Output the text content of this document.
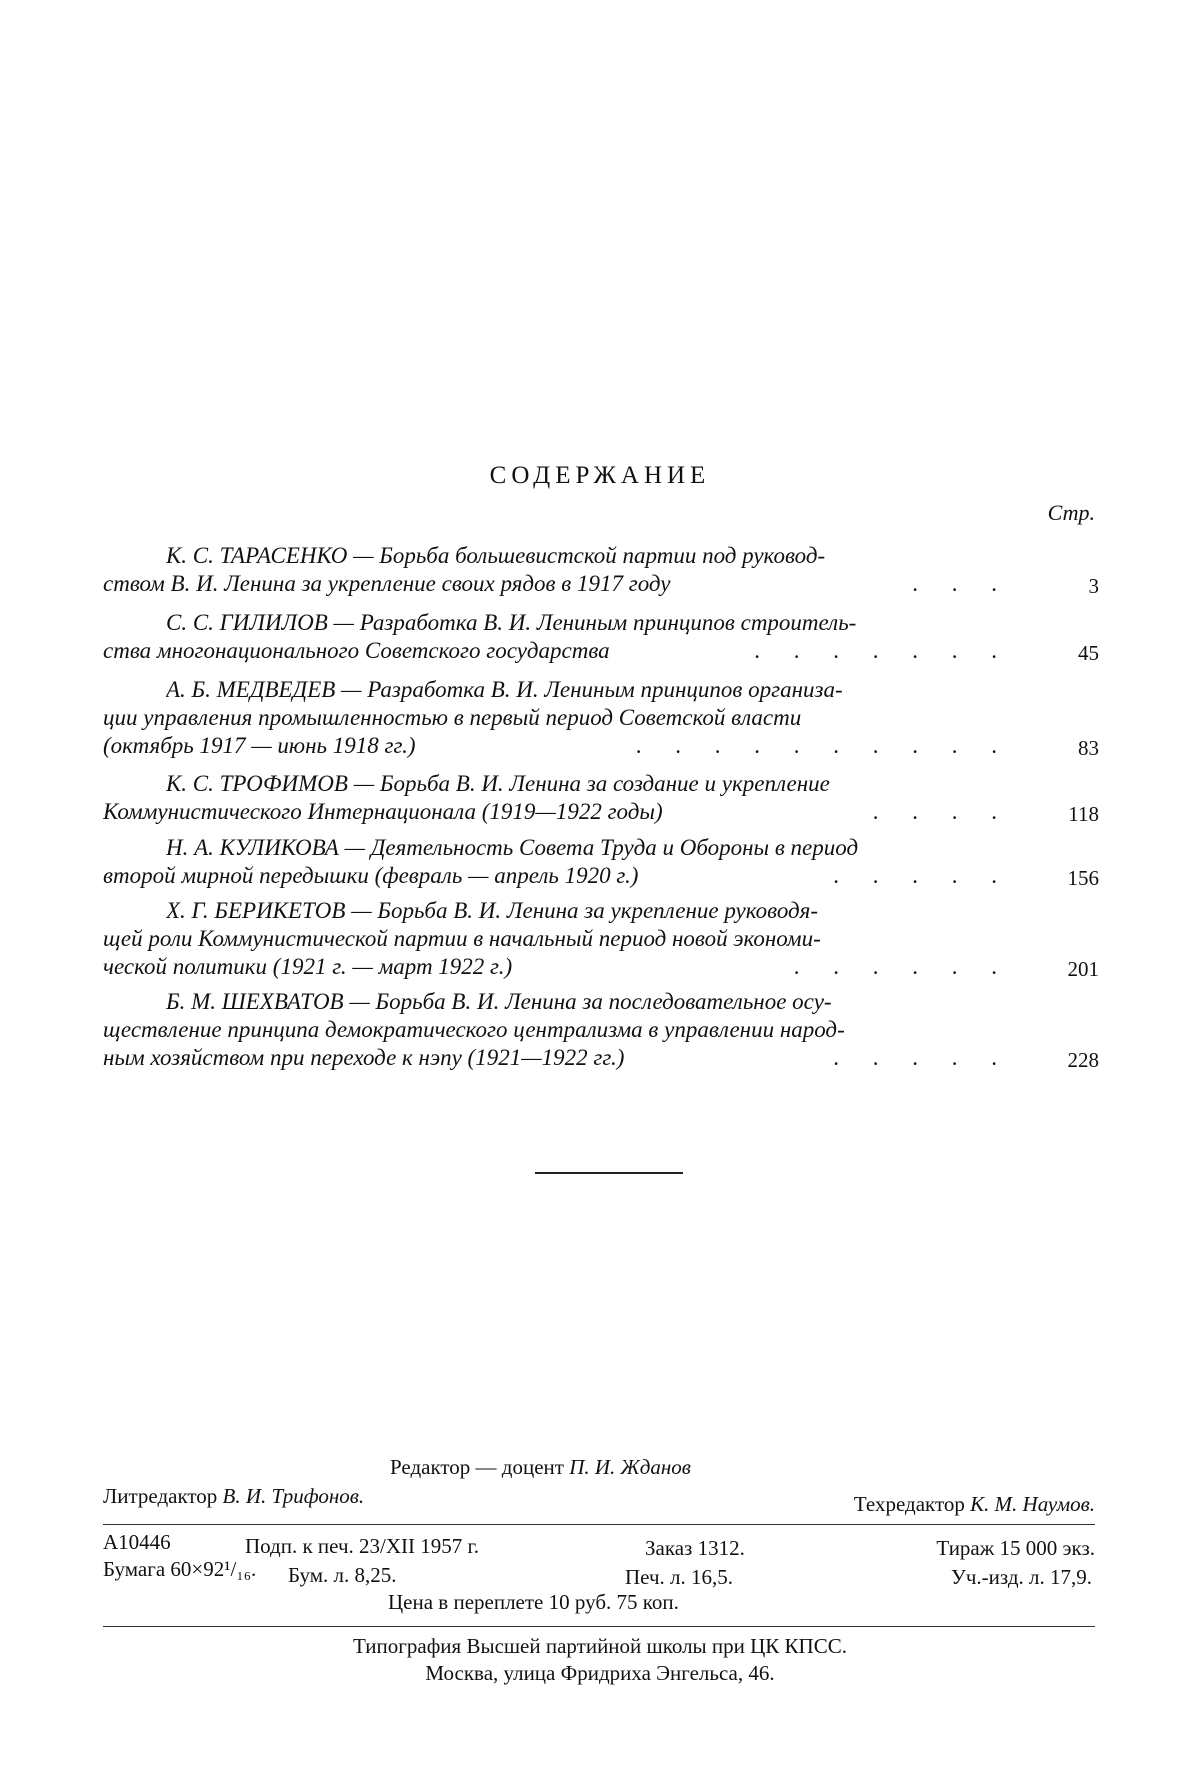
СОДЕРЖАНИЕ
Стр.
К. С. ТАРАСЕНКО — Борьба большевистской партии под руковод-
ством В. И. Ленина за укрепление своих рядов в 1917 году	. . .	3
С. С. ГИЛИЛОВ — Разработка В. И. Лениным принципов строитель-
ства многонационального Советского государства	. . . . . . .	45
А. Б. МЕДВЕДЕВ — Разработка В. И. Лениным принципов организа-
ции управления промышленностью в первый период Советской власти
(октябрь 1917 — июнь 1918 гг.)	. . . . . . . . . .	83
К. С. ТРОФИМОВ — Борьба В. И. Ленина за создание и укрепление
Коммунистического Интернационала (1919—1922 годы)	. . . .	118
Н. А. КУЛИКОВА — Деятельность Совета Труда и Обороны в период
второй мирной передышки (февраль — апрель 1920 г.)	. . . . .	156
Х. Г. БЕРИКЕТОВ — Борьба В. И. Ленина за укрепление руководя-
щей роли Коммунистической партии в начальный период новой экономи-
ческой политики (1921 г. — март 1922 г.)	. . . . . .	201
Б. М. ШЕХВАТОВ — Борьба В. И. Ленина за последовательное осу-
ществление принципа демократического централизма в управлении народ-
ным хозяйством при переходе к нэпу (1921—1922 гг.)	. . . . .	228
Редактор — доцент П. И. Жданов
Литредактор В. И. Трифонов.	Техредактор К. М. Наумов.
А10446	Подп. к печ. 23/XII 1957 г.	Заказ 1312.	Тираж 15 000 экз.
Бумага 60×92¹/₁₆. Бум. л. 8,25.	Печ. л. 16,5.	Уч.-изд. л. 17,9.
Цена в переплете 10 руб. 75 коп.
Типография Высшей партийной школы при ЦК КПСС.
Москва, улица Фридриха Энгельса, 46.
